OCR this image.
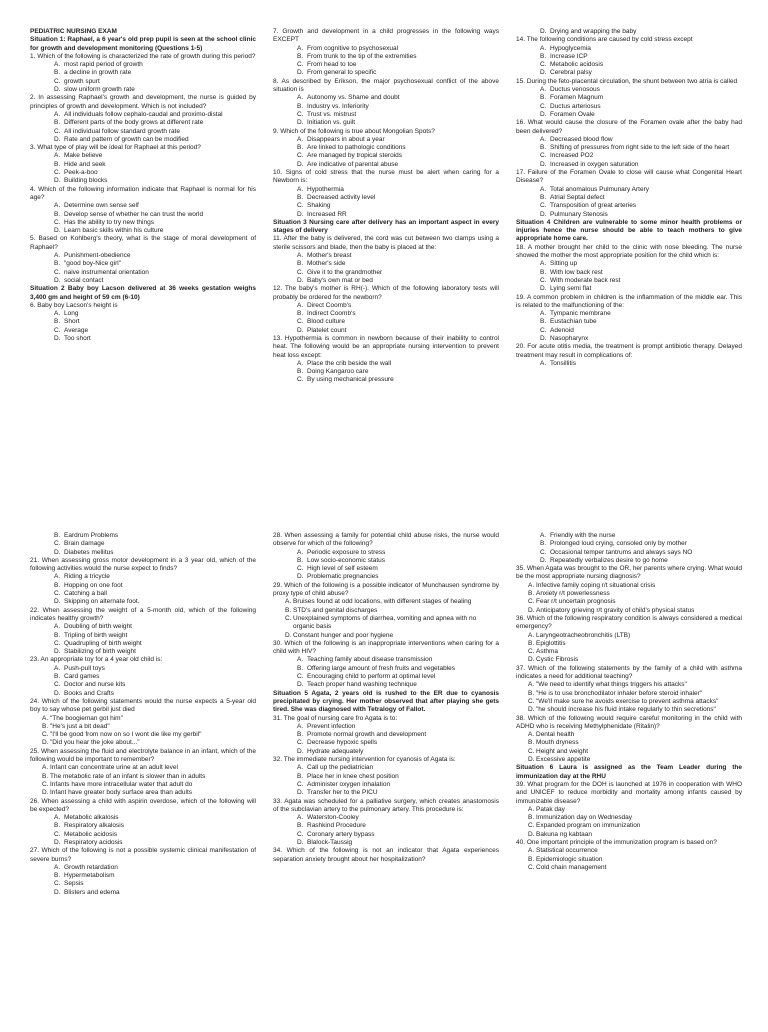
PEDIATRIC NURSING EXAM
Situation 1: Raphael, a 6 year's old prep pupil is seen at the school clinic for growth and development monitoring (Questions 1-5)
1. Which of the following is characterized the rate of growth during this period?
A. most rapid period of growth
B. a decline in growth rate
C. growth spurt
D. slow uniform growth rate
2. In assessing Raphael's growth and development, the nurse is guided by principles of growth and development. Which is not included?
A. All individuals follow cephalo-caudal and proximo-distal
B. Different parts of the body grows at different rate
C. All individual follow standard growth rate
D. Rate and pattern of growth can be modified
3. What type of play will be ideal for Raphael at this period?
A. Make believe
B. Hide and seek
C. Peek-a-boo
D. Building blocks
4. Which of the following information indicate that Raphael is normal for his age?
A. Determine own sense self
B. Develop sense of whether he can trust the world
C. Has the ability to try new things
D. Learn basic skills within his culture
5. Based on Kohlberg's theory, what is the stage of moral development of Raphael?
A. Punishment-obedience
B. "good boy-Nice girl"
C. naive instrumental orientation
D. social contact
Situation 2 Baby boy Lacson delivered at 36 weeks gestation weighs 3,400 gm and height of 59 cm (6-10)
6. Baby boy Lacson's height is
A. Long
B. Short
C. Average
D. Too short
7. Growth and development in a child progresses in the following ways EXCEPT
A. From cognitive to psychosexual
B. From trunk to the tip of the extremities
C. From head to toe
D. From general to specific
8. As described by Erikson, the major psychosexual conflict of the above situation is
A. Autonomy vs. Shame and doubt
B. Industry vs. Inferiority
C. Trust vs. mistrust
D. Initiation vs. guilt
9. Which of the following is true about Mongolian Spots?
A. Disappears in about a year
B. Are linked to pathologic conditions
C. Are managed by tropical steroids
D. Are indicative of parental abuse
10. Signs of cold stress that the nurse must be alert when caring for a Newborn is:
A. Hypothermia
B. Decreased activity level
C. Shaking
D. Increased RR
Situation 3 Nursing care after delivery has an important aspect in every stages of delivery
11. After the baby is delivered, the cord was cut between two clamps using a sterile scissors and blade, then the baby is placed at the:
A. Mother's breast
B. Mother's side
C. Give it to the grandmother
D. Baby's own mat or bed
12. The baby's mother is RH(-). Which of the following laboratory tests will probably be ordered for the newborn?
A. Direct Coomb's
B. Indirect Coomb's
C. Blood culture
D. Platelet count
13. Hypothermia is common in newborn because of their inability to control heat. The following would be an appropriate nursing intervention to prevent heat loss except:
A. Place the crib beside the wall
B. Doing Kangaroo care
C. By using mechanical pressure
D. Drying and wrapping the baby
14. The following conditions are caused by cold stress except
A. Hypoglycemia
B. Increase ICP
C. Metabolic acidosis
D. Cerebral palsy
15. During the feto-placental circulation, the shunt between two atria is called
A. Ductus venosous
B. Foramen Magnum
C. Ductus arteriosus
D. Foramen Ovale
16. What would cause the closure of the Foramen ovale after the baby had been delivered?
A. Decreased blood flow
B. Shifting of pressures from right side to the left side of the heart
C. Increased PO2
D. Increased in oxygen saturation
17. Failure of the Foramen Ovale to close will cause what Congenital Heart Disease?
A. Total anomalous Pulmunary Artery
B. Atrial Septal defect
C. Transposition of great arteries
D. Pulmunary Stenosis
Situation 4 Children are vulnerable to some minor health problems or injuries hence the nurse should be able to teach mothers to give appropriate home care.
18. A mother brought her child to the clinic with nose bleeding. The nurse showed the mother the most appropriate position for the child which is:
A. Sitting up
B. With low back rest
C. With moderate back rest
D. Lying semi flat
19. A common problem in children is the inflammation of the middle ear. This is related to the malfunctioning of the:
A. Tympanic membrane
B. Eustachian tube
C. Adenoid
D. Nasopharynx
20. For acute otitis media, the treatment is prompt antibiotic therapy. Delayed treatment may result in complications of:
A. Tonsillitis
B. Eardrum Problems
C. Brain damage
D. Diabetes mellitus
21. When assessing gross motor development in a 3 year old, which of the following activities would the nurse expect to finds?
A. Riding a tricycle
B. Hopping on one foot
C. Catching a ball
D. Skipping on alternate foot.
22. When assessing the weight of a 5-month old, which of the following indicates healthy growth?
A. Doubling of birth weight
B. Tripling of birth weight
C. Quadrupling of birth weight
D. Stabilizing of birth weight
23. An appropriate toy for a 4 year old child is:
A. Push-pull toys
B. Card games
C. Doctor and nurse kits
D. Books and Crafts
24. Which of the following statements would the nurse expects a 5-year old boy to say whose pet gerbil just died
A. "The boogieman got him"
B. "He's just a bit dead"
C. "I'll be good from now on so I wont die like my gerbil"
D. "Did you hear the joke about..."
25. When assessing the fluid and electrolyte balance in an infant, which of the following would be important to remember?
A. Infant can concentrate urine at an adult level
B. The metabolic rate of an infant is slower than in adults
C. Infants have more intracellular water that adult do
D. Infant have greater body surface area than adults
26. When assessing a child with aspirin overdose, which of the following will be expected?
A. Metabolic alkalosis
B. Respiratory alkalosis
C. Metabolic acidosis
D. Respiratory acidosis
27. Which of the following is not a possible systemic clinical manifestation of severe burns?
A. Growth retardation
B. Hypermetabolism
C. Sepsis
D. Blisters and edema
28. When assessing a family for potential child abuse risks, the nurse would observe for which of the following?
A. Periodic exposure to stress
B. Low socio-economic status
C. High level of self esteem
D. Problematic pregnancies
29. Which of the following is a possible indicator of Munchausen syndrome by proxy type of child abuse?
A. Bruises found at odd locations, with different stages of healing
B. STD's and genital discharges
C. Unexplained symptoms of diarrhea, vomiting and apnea with no organic basis
D. Constant hunger and poor hygiene
30. Which of the following is an inappropriate interventions when caring for a child with HIV?
A. Teaching family about disease transmission
B. Offering large amount of fresh fruits and vegetables
C. Encouraging child to perform at optimal level
D. Teach proper hand washing technique
Situation 5 Agata, 2 years old is rushed to the ER due to cyanosis precipitated by crying. Her mother observed that after playing she gets tired. She was diagnosed with Tetralogy of Fallot.
31. The goal of nursing care fro Agata is to:
A. Prevent infection
B. Promote normal growth and development
C. Decrease hypoxic spells
D. Hydrate adequately
32. The immediate nursing intervention for cyanosis of Agata is:
A. Call up the pediatrician
B. Place her in knee chest position
C. Administer oxygen inhalation
D. Transfer her to the PICU
33. Agata was scheduled for a palliative surgery, which creates anastomosis of the subclavian artery to the pulmonary artery. This procedure is:
A. Waterston-Cooley
B. Rashkind Procedure
C. Coronary artery bypass
D. Blalock-Taussig
34. Which of the following is not an indicator that Agata experiences separation anxiety brought about her hospitalization?
A. Friendly with the nurse
B. Prolonged loud crying, consoled only by mother
C. Occasional temper tantrums and always says NO
D. Repeatedly verbalizes desire to go home
35. When Agata was brought to the OR, her parents where crying. What would be the most appropriate nursing diagnosis?
A. Infective family coping r/t situational crisis
B. Anxiety r/t powerlessness
C. Fear r/t uncertain prognosis
D. Anticipatory grieving r/t gravity of child's physical status
36. Which of the following respiratory condition is always considered a medical emergency?
A. Laryngeotracheobronchitis (LTB)
B. Epiglottitis
C. Asthma
D. Cystic Fibrosis
37. Which of the following statements by the family of a child with asthma indicates a need for additional teaching?
A. "We need to identify what things triggers his attacks"
B. "He is to use bronchodilator inhaler before steroid inhaler"
C. "We'll make sure he avoids exercise to prevent asthma attacks"
D. "he should increase his fluid intake regularly to thin secretions"
38. Which of the following would require careful monitoring in the child with ADHD who is receiving Methylphenidate (Ritalin)?
A. Dental health
B. Mouth dryness
C. Height and weight
D. Excessive appetite
Situation 6 Laura is assigned as the Team Leader during the immunization day at the RHU
39. What program for the DOH is launched at 1976 in cooperation with WHO and UNICEF to reduce morbidity and mortality among infants caused by immunizable disease?
A. Patak day
B. Immunization day on Wednesday
C. Expanded program on immunization
D. Bakuna ng kabtaan
40. One important principle of the immunization program is based on?
A. Statistical occurrence
B. Epidemiologic situation
C. Cold chain management
